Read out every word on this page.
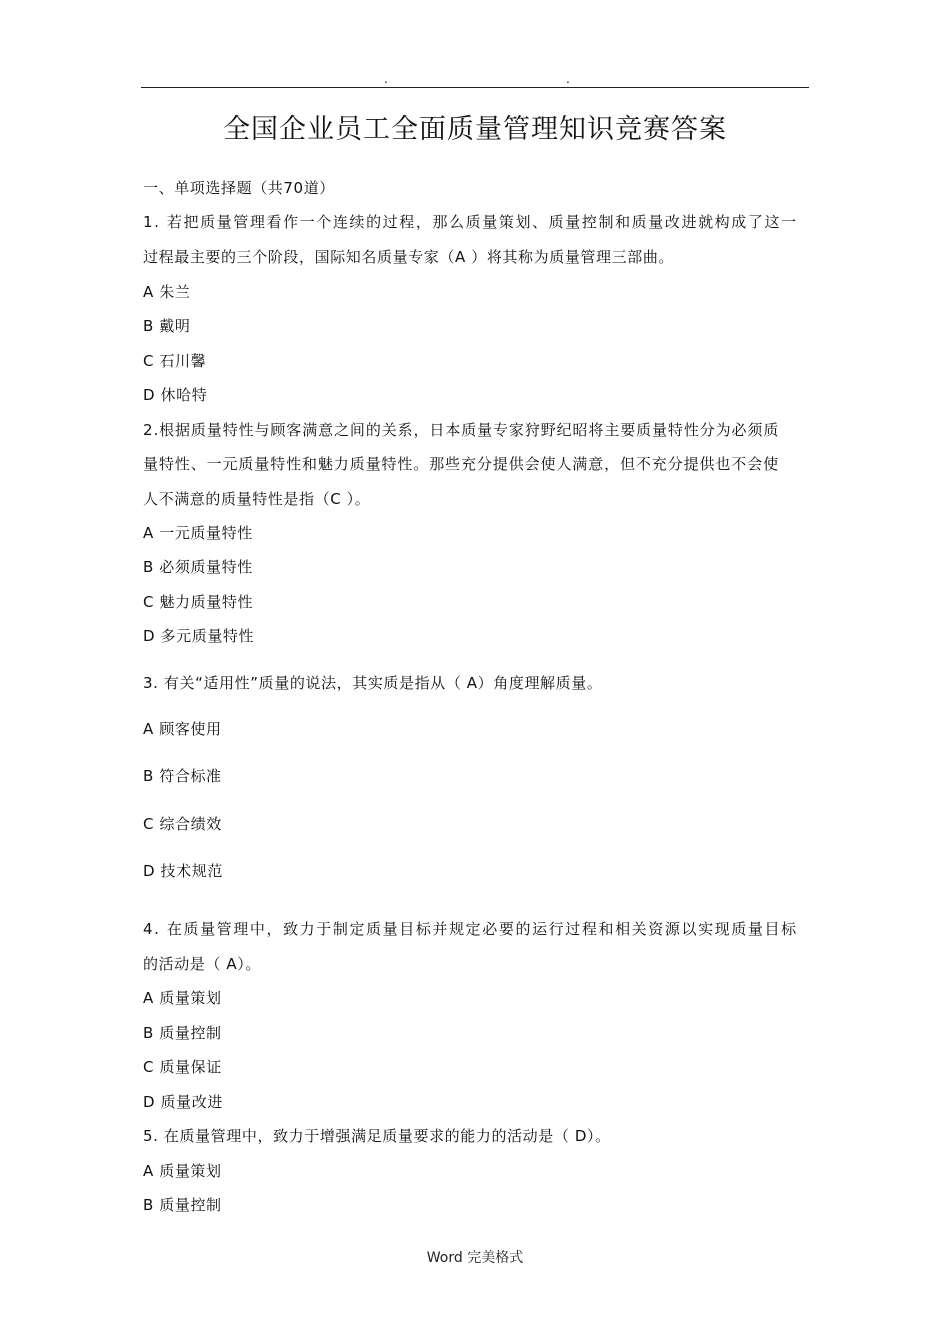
.	.
全国企业员工全面质量管理知识竞赛答案
一、单项选择题（共70道）
1. 若把质量管理看作一个连续的过程，那么质量策划、质量控制和质量改进就构成了这一
过程最主要的三个阶段，国际知名质量专家（A ）将其称为质量管理三部曲。
A 朱兰
B 戴明
C 石川馨
D 休哈特
2.根据质量特性与顾客满意之间的关系，日本质量专家狩野纪昭将主要质量特性分为必须质
量特性、一元质量特性和魅力质量特性。那些充分提供会使人满意，但不充分提供也不会使
人不满意的质量特性是指（C ）。
A 一元质量特性
B 必须质量特性
C 魅力质量特性
D 多元质量特性
3. 有关“适用性”质量的说法，其实质是指从（ A）角度理解质量。
A 顾客使用
B 符合标准
C 综合绩效
D 技术规范
4. 在质量管理中，致力于制定质量目标并规定必要的运行过程和相关资源以实现质量目标
的活动是（ A）。
A 质量策划
B 质量控制
C 质量保证
D 质量改进
5. 在质量管理中，致力于增强满足质量要求的能力的活动是（ D）。
A 质量策划
B 质量控制
Word 完美格式
